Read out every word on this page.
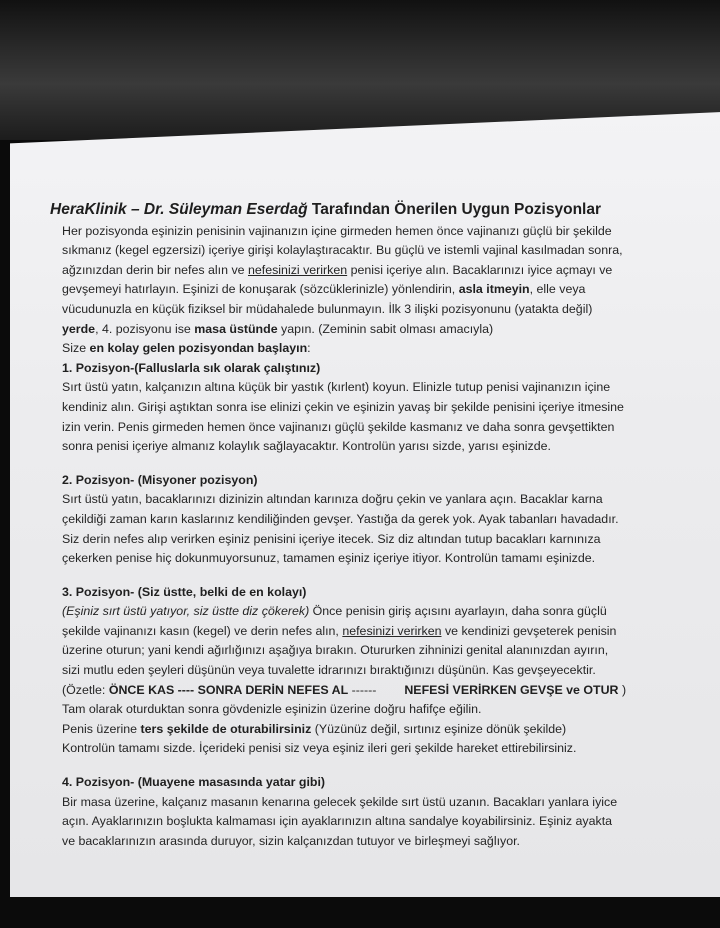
HeraKlinik – Dr. Süleyman Eserdağ Tarafından Önerilen Uygun Pozisyonlar
Her pozisyonda eşinizin penisinin vajinanızın içine girmeden hemen önce vajinanızı güçlü bir şekilde
sıkmanız (kegel egzersizi) içeriye girişi kolaylaştıracaktır. Bu güçlü ve istemli vajinal kasılmadan sonra,
ağzınızdan derin bir nefes alın ve nefesinizi verirken penisi içeriye alın. Bacaklarınızı iyice açmayı ve
gevşemeyi hatırlayın. Eşinizi de konuşarak (sözcüklerinizle) yönlendirin, asla itmeyin, elle veya
vücudunuzla en küçük fiziksel bir müdahalede bulunmayın. İlk 3 ilişki pozisyonunu (yatakta değil)
yerde, 4. pozisyonu ise masa üstünde yapın. (Zeminin sabit olması amacıyla)
Size en kolay gelen pozisyondan başlayın:
1. Pozisyon-(Falluslarla sık olarak çalıştınız)
Sırt üstü yatın, kalçanızın altına küçük bir yastık (kırlent) koyun. Elinizle tutup penisi vajinanızın içine
kendiniz alın. Girişi aştıktan sonra ise elinizi çekin ve eşinizin yavaş bir şekilde penisini içeriye itmesine
izin verin. Penis girmeden hemen önce vajinanızı güçlü şekilde kasmanız ve daha sonra gevşettikten
sonra penisi içeriye almanız kolaylık sağlayacaktır. Kontrolün yarısı sizde, yarısı eşinizde.
2. Pozisyon- (Misyoner pozisyon)
Sırt üstü yatın, bacaklarınızı dizinizin altından karınıza doğru çekin ve yanlara açın. Bacaklar karna
çekildiği zaman karın kaslarınız kendiliğinden gevşer. Yastığa da gerek yok. Ayak tabanları havadadır.
Siz derin nefes alıp verirken eşiniz penisini içeriye itecek. Siz diz altından tutup bacakları karnınıza
çekerken penise hiç dokunmuyorsunuz, tamamen eşiniz içeriye itiyor. Kontrolün tamamı eşinizde.
3. Pozisyon- (Siz üstte, belki de en kolayı)
(Eşiniz sırt üstü yatıyor, siz üstte diz çökerek) Önce penisin giriş açısını ayarlayın, daha sonra güçlü
şekilde vajinanızı kasın (kegel) ve derin nefes alın, nefesinizi verirken ve kendinizi gevşeterek penisin
üzerine oturun; yani kendi ağırlığınızı aşağıya bırakın. Otururken zihninizi genital alanınızdan ayırın,
sizi mutlu eden şeyleri düşünün veya tuvalette idrarınızı bıraktığınızı düşünün. Kas gevşeyecektir.
(Özetle: ÖNCE KAS ---- SONRA DERİN NEFES AL ------ NEFESİ VERİRKEN GEVŞE ve OTUR )
Tam olarak oturduktan sonra gövdenizle eşinizin üzerine doğru hafifçe eğilin.
Penis üzerine ters şekilde de oturabilirsiniz (Yüzünüz değil, sırtınız eşinize dönük şekilde)
Kontrolün tamamı sizde. İçerideki penisi siz veya eşiniz ileri geri şekilde hareket ettirebilirsiniz.
4. Pozisyon- (Muayene masasında yatar gibi)
Bir masa üzerine, kalçanız masanın kenarına gelecek şekilde sırt üstü uzanın. Bacakları yanlara iyice
açın. Ayaklarınızın boşlukta kalmaması için ayaklarınızın altına sandalye koyabilirsiniz. Eşiniz ayakta
ve bacaklarınızın arasında duruyor, sizin kalçanızdan tutuyor ve birleşmeyi sağlıyor.
